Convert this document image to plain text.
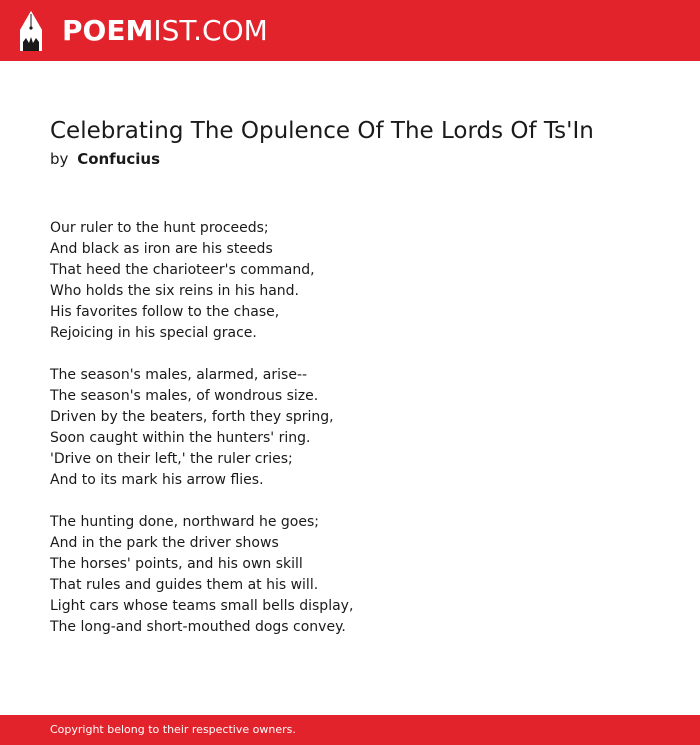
POEMIST.COM
Celebrating The Opulence Of The Lords Of Ts'In
by Confucius
Our ruler to the hunt proceeds;
And black as iron are his steeds
That heed the charioteer's command,
Who holds the six reins in his hand.
His favorites follow to the chase,
Rejoicing in his special grace.
The season's males, alarmed, arise--
The season's males, of wondrous size.
Driven by the beaters, forth they spring,
Soon caught within the hunters' ring.
'Drive on their left,' the ruler cries;
And to its mark his arrow flies.
The hunting done, northward he goes;
And in the park the driver shows
The horses' points, and his own skill
That rules and guides them at his will.
Light cars whose teams small bells display,
The long-and short-mouthed dogs convey.
Copyright belong to their respective owners.
